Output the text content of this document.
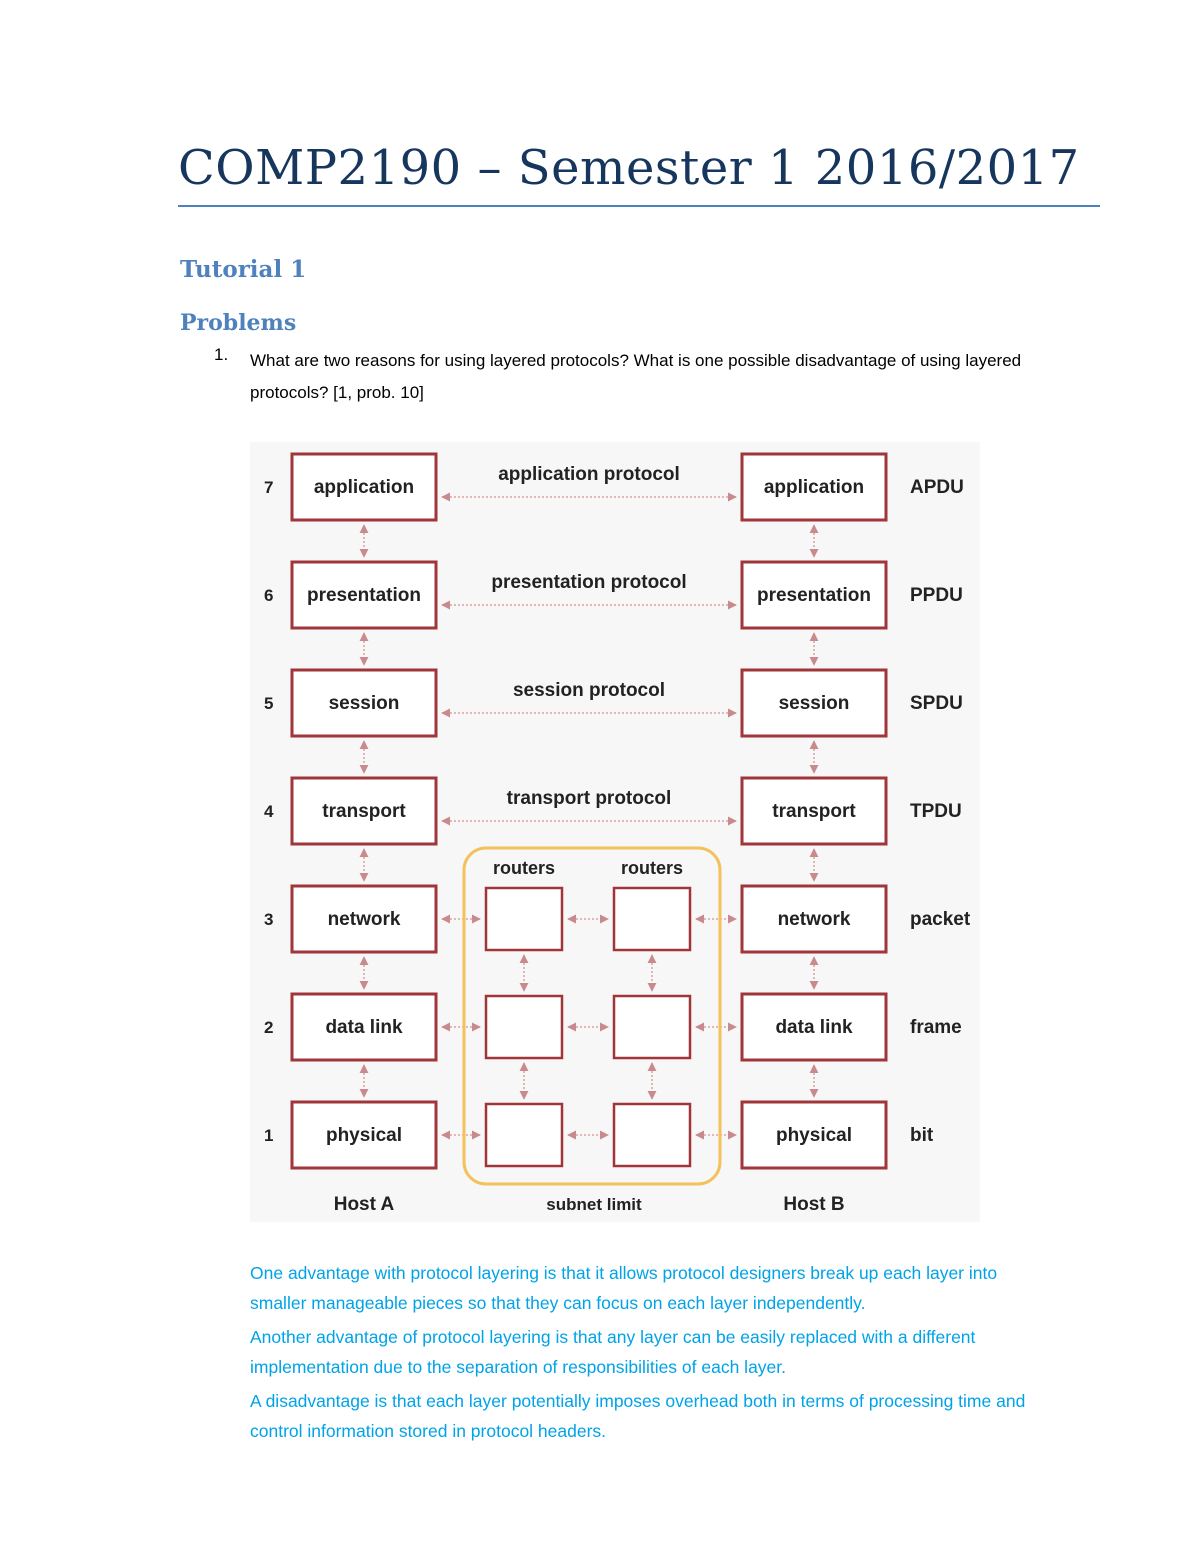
COMP2190 – Semester 1 2016/2017
Tutorial 1
Problems
1. What are two reasons for using layered protocols? What is one possible disadvantage of using layered protocols? [1, prob. 10]
7 application	application APDU
application protocol
6 presentation	presentation PPDU
presentation protocol
5	session	session	SPDU
session protocol
4	transport	transport	TPDU
transport protocol
3	network	network	packet
2	data link	data link	frame
1	physical	physical	bit
routers	routers
Host A	subnet limit	Host B

One advantage with protocol layering is that it allows protocol designers break up each layer into smaller manageable pieces so that they can focus on each layer independently.

Another advantage of protocol layering is that any layer can be easily replaced with a different implementation due to the separation of responsibilities of each layer.

A disadvantage is that each layer potentially imposes overhead both in terms of processing time and control information stored in protocol headers.
